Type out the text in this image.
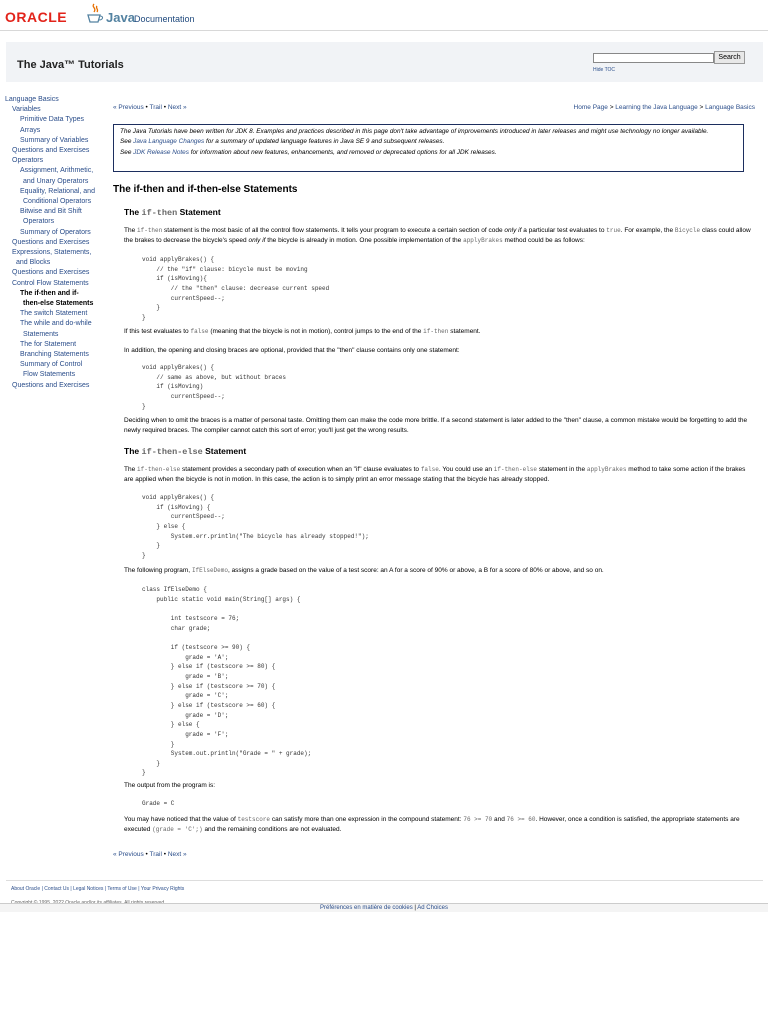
ORACLE	Java Documentation
The Java™ Tutorials
Search
Hide TOC
Language Basics
Variables
Primitive Data Types
Arrays
Summary of Variables
Questions and Exercises
Operators
Assignment, Arithmetic,
and Unary Operators
Equality, Relational, and
Conditional Operators
Bitwise and Bit Shift
Operators
Summary of Operators
Questions and Exercises
Expressions, Statements,
and Blocks
Questions and Exercises
Control Flow Statements
The if-then and if-
then-else Statements
The switch Statement
The while and do-while
Statements
The for Statement
Branching Statements
Summary of Control
Flow Statements
Questions and Exercises
« Previous • Trail • Next »	Home Page > Learning the Java Language > Language Basics
The Java Tutorials have been written for JDK 8. Examples and practices described in this page don't take advantage of improvements introduced in later releases and might use technology no longer available.
See Java Language Changes for a summary of updated language features in Java SE 9 and subsequent releases.
See JDK Release Notes for information about new features, enhancements, and removed or deprecated options for all JDK releases.
The if-then and if-then-else Statements
The if-then Statement

The if-then statement is the most basic of all the control flow statements. It tells your program to execute a certain section of code only if a particular test evaluates to true. For example, the Bicycle class could allow the brakes to decrease the bicycle's speed only if the bicycle is already in motion. One possible implementation of the applyBrakes method could be as follows:

void applyBrakes() {
// the "if" clause: bicycle must be moving
if (isMoving){
// the "then" clause: decrease current speed
currentSpeed--;
}
}

If this test evaluates to false (meaning that the bicycle is not in motion), control jumps to the end of the if-then statement.

In addition, the opening and closing braces are optional, provided that the "then" clause contains only one statement:

void applyBrakes() {
// same as above, but without braces
if (isMoving)
currentSpeed--;
}

Deciding when to omit the braces is a matter of personal taste. Omitting them can make the code more brittle. If a second statement is later added to the "then" clause, a common mistake would be forgetting to add the newly required braces. The compiler cannot catch this sort of error; you'll just get the wrong results.

The if-then-else Statement

The if-then-else statement provides a secondary path of execution when an "if" clause evaluates to false. You could use an if-then-else statement in the applyBrakes method to take some action if the brakes are applied when the bicycle is not in motion. In this case, the action is to simply print an error message stating that the bicycle has already stopped.

void applyBrakes() {
if (isMoving) {
currentSpeed--;
} else {
System.err.println("The bicycle has already stopped!");
}
}

The following program, IfElseDemo, assigns a grade based on the value of a test score: an A for a score of 90% or above, a B for a score of 80% or above, and so on.

class IfElseDemo {
public static void main(String[] args) {

int testscore = 76;
char grade;

if (testscore >= 90) {
grade = 'A';
} else if (testscore >= 80) {
grade = 'B';
} else if (testscore >= 70) {
grade = 'C';
} else if (testscore >= 60) {
grade = 'D';
} else {
grade = 'F';
}
System.out.println("Grade = " + grade);
}
}

The output from the program is:

Grade = C

You may have noticed that the value of testscore can satisfy more than one expression in the compound statement: 76 >= 70 and 76 >= 60. However, once a condition is satisfied, the appropriate statements are executed (grade = 'C';) and the remaining conditions are not evaluated.

« Previous • Trail • Next »
About Oracle | Contact Us | Legal Notices | Terms of Use | Your Privacy Rights
Préférences en matière de cookies | Ad Choices
